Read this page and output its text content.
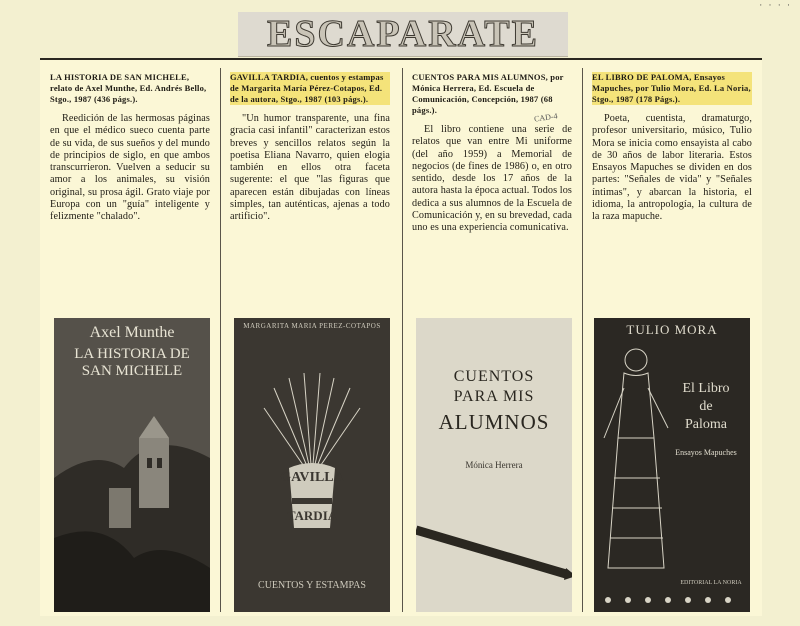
· · · ·
ESCAPARATE
LA HISTORIA DE SAN MICHELE, relato de Axel Munthe, Ed. Andrés Bello, Stgo., 1987 (436 págs.).
Reedición de las hermosas páginas en que el médico sueco cuenta parte de su vida, de sus sueños y del mundo de principios de siglo, en que ambos transcurrieron. Vuelven a seducir su amor a los animales, su visión original, su prosa ágil. Grato viaje por Europa con un "guía" inteligente y felizmente "chalado".
GAVILLA TARDIA, cuentos y estampas de Margarita María Pérez-Cotapos, Ed. de la autora, Stgo., 1987 (103 págs.).
"Un humor transparente, una fina gracia casi infantil" caracterizan estos breves y sencillos relatos según la poetisa Eliana Navarro, quien elogia también en ellos otra faceta sugerente: el que "las figuras que aparecen están dibujadas con líneas simples, tan auténticas, ajenas a todo artificio".
CUENTOS PARA MIS ALUMNOS, por Mónica Herrera, Ed. Escuela de Comunicación, Concepción, 1987 (68 págs.).
El libro contiene una serie de relatos que van entre Mi uniforme (del año 1959) a Memorial de negocios (de fines de 1986) o, en otro sentido, desde los 17 años de la autora hasta la época actual. Todos los dedica a sus alumnos de la Escuela de Comunicación y, en su brevedad, cada uno es una experiencia comunicativa.
CAD-4
EL LIBRO DE PALOMA, Ensayos Mapuches, por Tulio Mora, Ed. La Noria, Stgo., 1987 (178 Págs.).
Poeta, cuentista, dramaturgo, profesor universitario, músico, Tulio Mora se inicia como ensayista al cabo de 30 años de labor literaria. Estos Ensayos Mapuches se dividen en dos partes: "Señales de vida" y "Señales íntimas", y abarcan la historia, el idioma, la antropología, la cultura de la raza mapuche.
Axel Munthe
LA HISTORIA DE SAN MICHELE
MARGARITA MARIA PEREZ-COTAPOS
GAVILLA
TARDIA
CUENTOS Y ESTAMPAS
CUENTOS
PARA MIS
ALUMNOS
Mónica Herrera
TULIO MORA
El Libro
de
Paloma
Ensayos Mapuches
EDITORIAL LA NORIA
